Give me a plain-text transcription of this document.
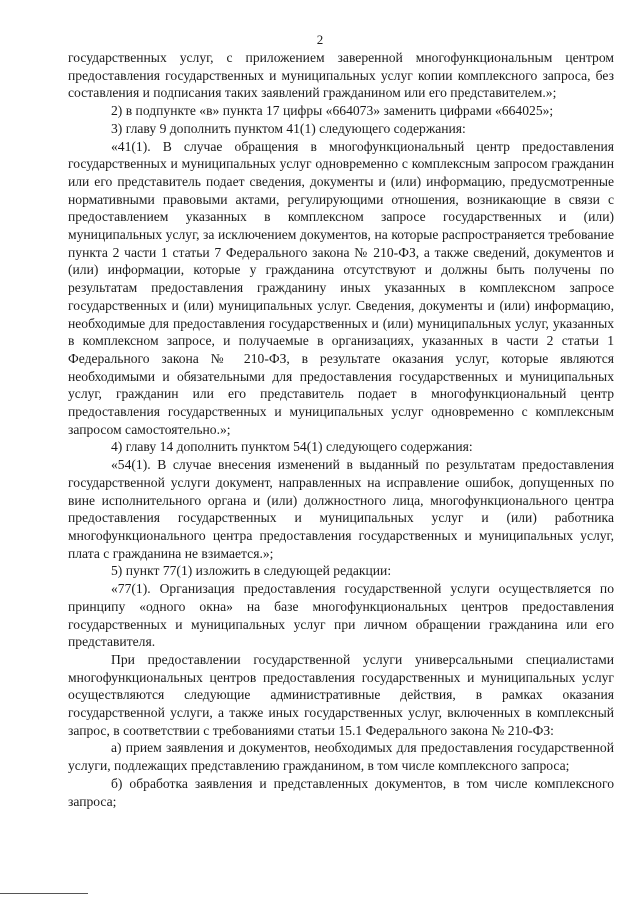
2

государственных услуг, с приложением заверенной многофункциональным центром предоставления государственных и муниципальных услуг копии комплексного запроса, без составления и подписания таких заявлений гражданином или его представителем.»;

2) в подпункте «в» пункта 17 цифры «664073» заменить цифрами «664025»;

3) главу 9 дополнить пунктом 41(1) следующего содержания:

«41(1). В случае обращения в многофункциональный центр предоставления государственных и муниципальных услуг одновременно с комплексным запросом гражданин или его представитель подает сведения, документы и (или) информацию, предусмотренные нормативными правовыми актами, регулирующими отношения, возникающие в связи с предоставлением указанных в комплексном запросе государственных и (или) муниципальных услуг, за исключением документов, на которые распространяется требование пункта 2 части 1 статьи 7 Федерального закона № 210-ФЗ, а также сведений, документов и (или) информации, которые у гражданина отсутствуют и должны быть получены по результатам предоставления гражданину иных указанных в комплексном запросе государственных и (или) муниципальных услуг. Сведения, документы и (или) информацию, необходимые для предоставления государственных и (или) муниципальных услуг, указанных в комплексном запросе, и получаемые в организациях, указанных в части 2 статьи 1 Федерального закона № 210-ФЗ, в результате оказания услуг, которые являются необходимыми и обязательными для предоставления государственных и муниципальных услуг, гражданин или его представитель подает в многофункциональный центр предоставления государственных и муниципальных услуг одновременно с комплексным запросом самостоятельно.»;

4) главу 14 дополнить пунктом 54(1) следующего содержания:

«54(1). В случае внесения изменений в выданный по результатам предоставления государственной услуги документ, направленных на исправление ошибок, допущенных по вине исполнительного органа и (или) должностного лица, многофункционального центра предоставления государственных и муниципальных услуг и (или) работника многофункционального центра предоставления государственных и муниципальных услуг, плата с гражданина не взимается.»;

5) пункт 77(1) изложить в следующей редакции:

«77(1). Организация предоставления государственной услуги осуществляется по принципу «одного окна» на базе многофункциональных центров предоставления государственных и муниципальных услуг при личном обращении гражданина или его представителя.

При предоставлении государственной услуги универсальными специалистами многофункциональных центров предоставления государственных и муниципальных услуг осуществляются следующие административные действия, в рамках оказания государственной услуги, а также иных государственных услуг, включенных в комплексный запрос, в соответствии с требованиями статьи 15.1 Федерального закона № 210-ФЗ:

а) прием заявления и документов, необходимых для предоставления государственной услуги, подлежащих представлению гражданином, в том числе комплексного запроса;

б) обработка заявления и представленных документов, в том числе комплексного запроса;
